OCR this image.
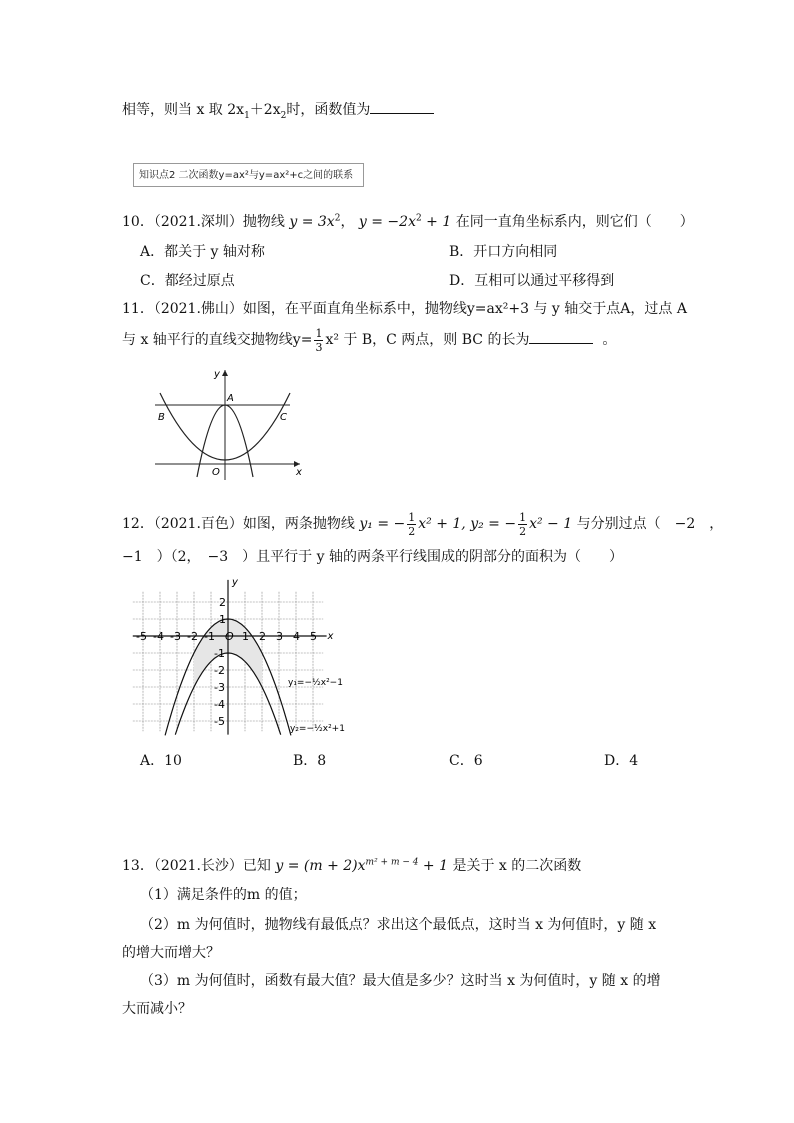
相等，则当 x 取 $2x_1+2x_2$时，函数值为
知识点2 二次函数y=ax²与y=ax²+c之间的联系
10．（2021.深圳）抛物线 $y = 3x^2$， $y = -2x^2 + 1$ 在同一直角坐标系内，则它们（　　）
A．都关于 y 轴对称	B．开口方向相同
C．都经过原点	D．互相可以通过平移得到
11．（2021.佛山）如图，在平面直角坐标系中，抛物线y=ax²+3 与 y 轴交于点A，过点 A
与 x 轴平行的直线交抛物线$y= \frac{1}{3} x^2$ 于 B，C 两点，则 BC 的长为	。
y
x
A
B	C
O
12．（2021.百色）如图，两条抛物线 y₁ = − $\frac{1}{2} x^2 + 1$, y₂ = − $\frac{1}{2} x^2 - 1$ 与分别过点（　−2　，
−1　）（2，　−3　）且平行于 y 轴的两条平行线围成的阴部分的面积为（　　）
-5 -4 -3 -2 -1 O 1 2 3 4 5
2
1
-1
-2
-3
-4
-5
x
y
y₁=−½x²−1
y₂=−½x²+1
A．10	B．8	C．6	D．4
13．（2021.长沙）已知 $y = (m + 2)x^{m^2 + m - 4} + 1$ 是关于 x 的二次函数
（1）满足条件的m 的值；
（2）m 为何值时，抛物线有最低点？求出这个最低点，这时当 x 为何值时，y 随 x
的增大而增大？
（3）m 为何值时，函数有最大值？最大值是多少？这时当 x 为何值时，y 随 x 的增
大而减小？
